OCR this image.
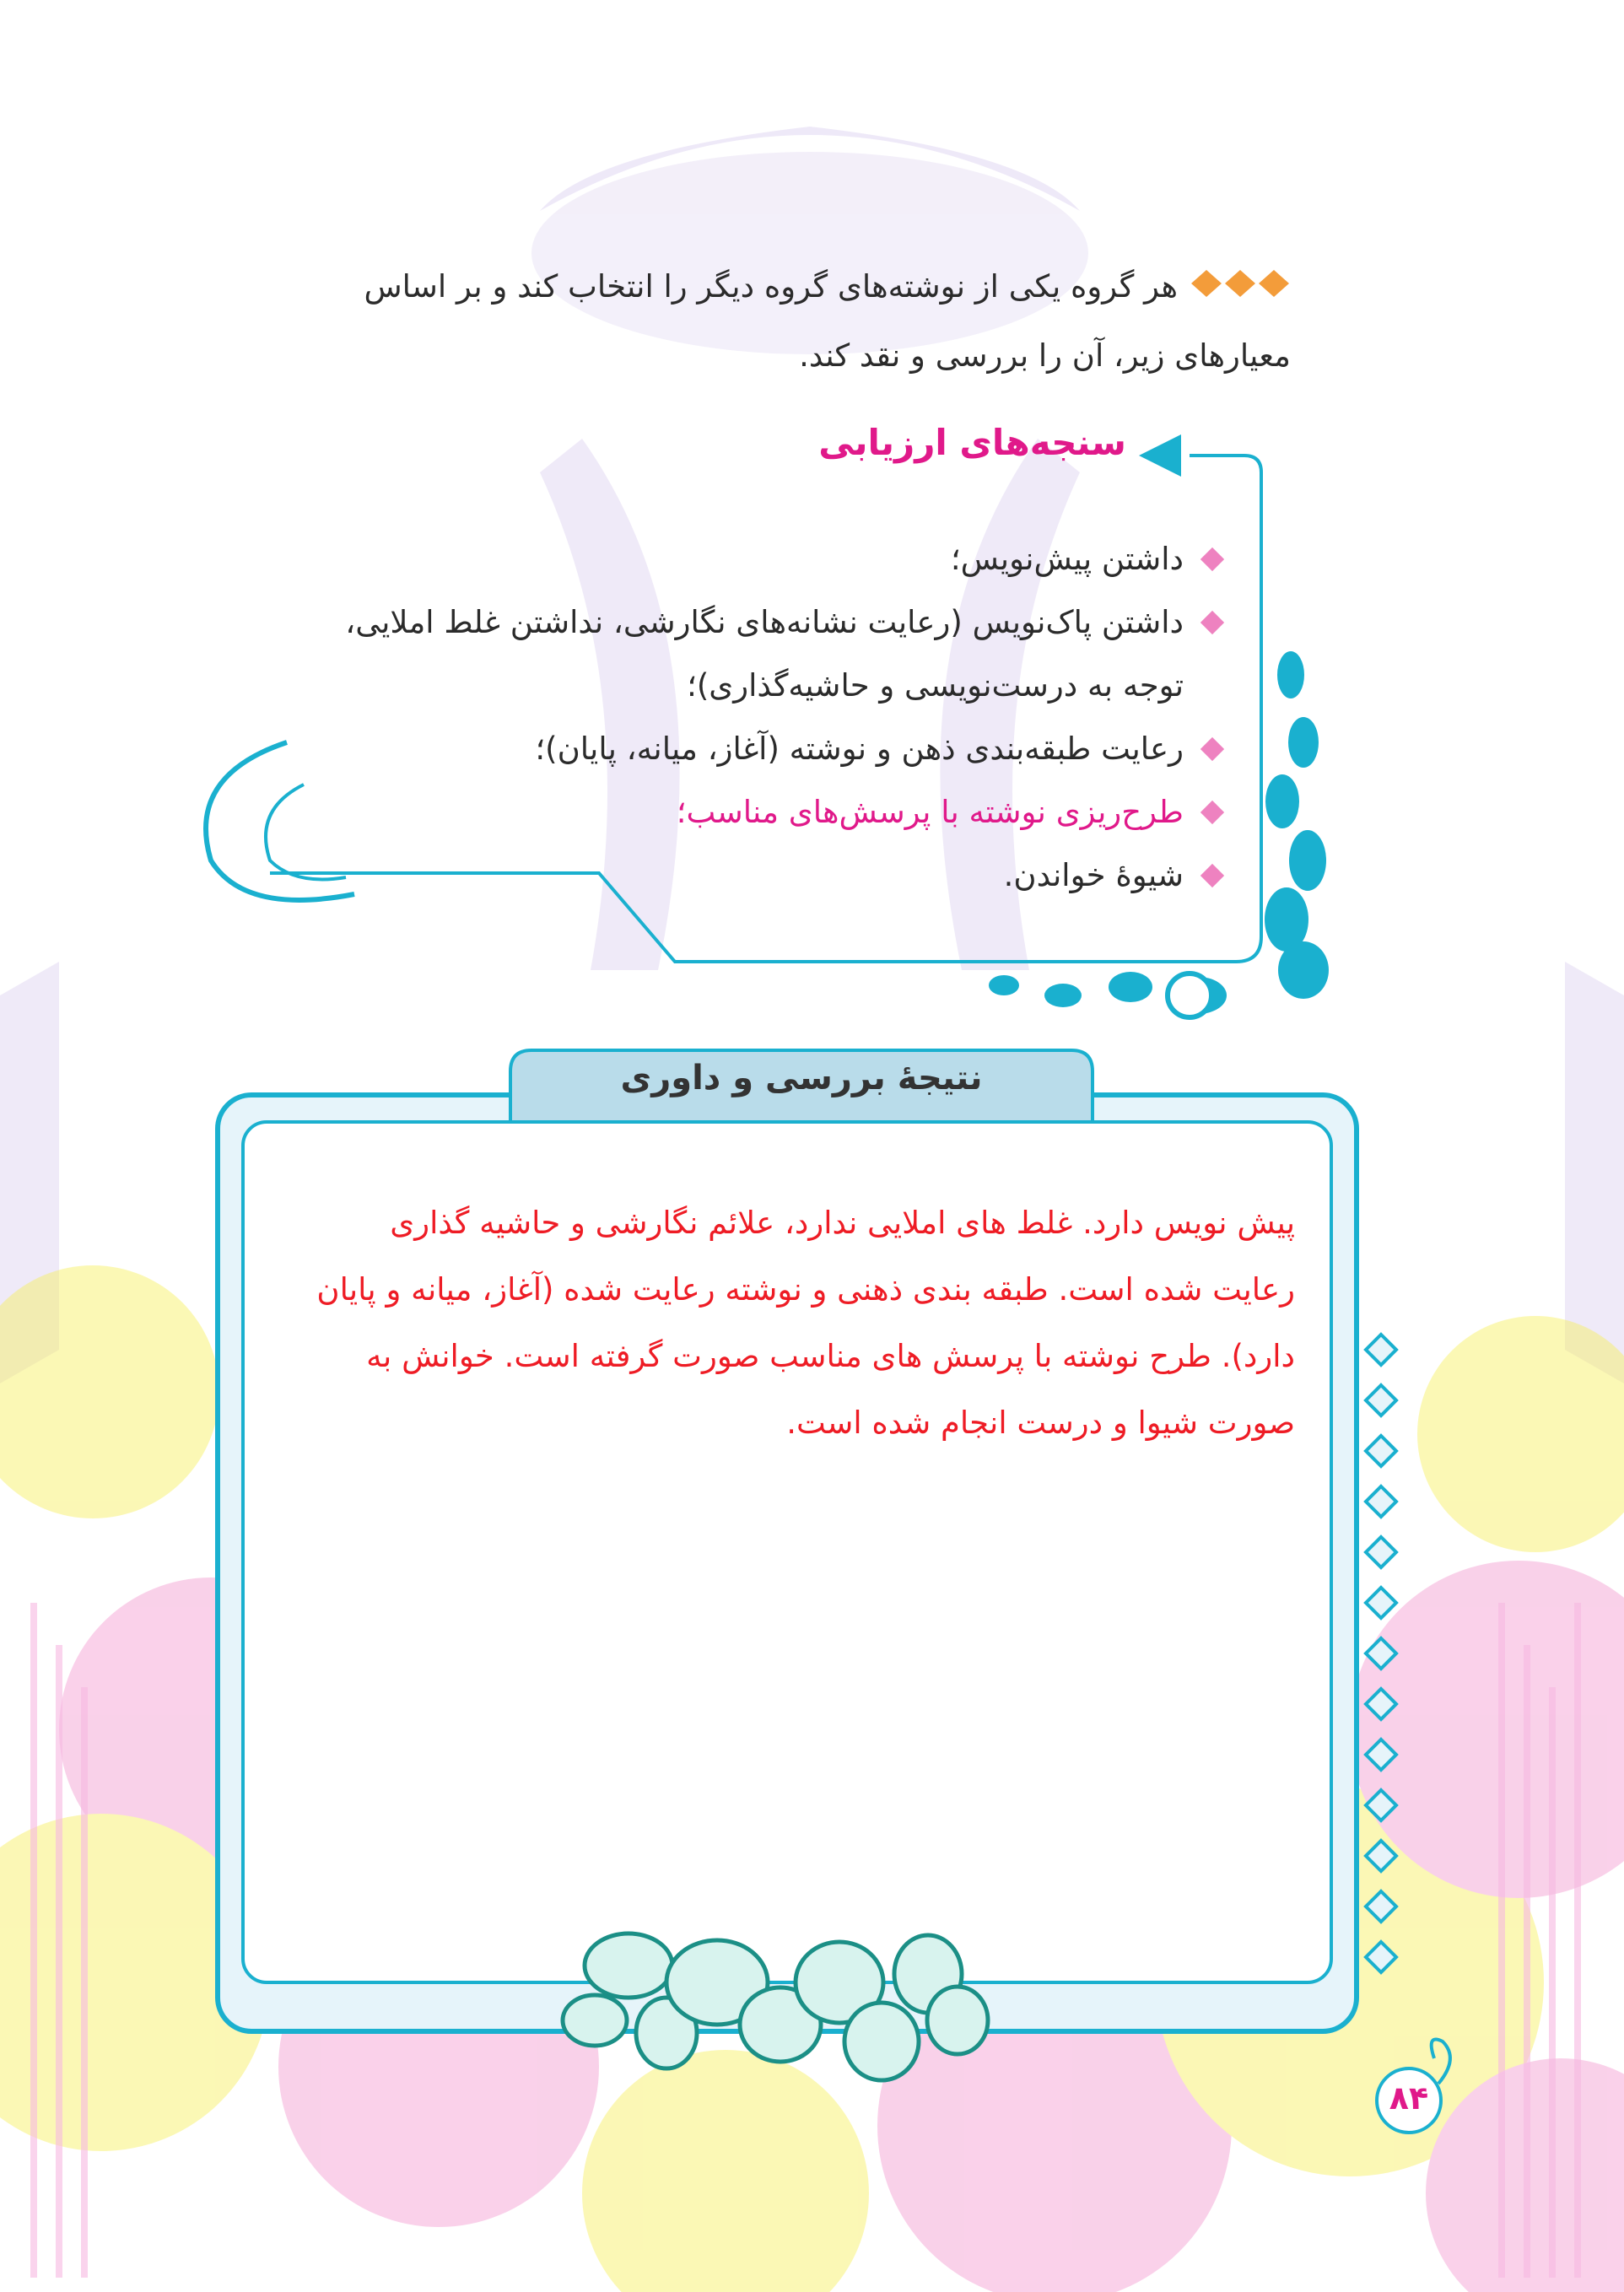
هر گروه یکی از نوشته‌های گروه دیگر را انتخاب کند و بر اساس معیارهای زیر، آن را بررسی و نقد کند.
سنجه‌های ارزیابی
داشتن پیش‌نویس؛
داشتن پاک‌نویس (رعایت نشانه‌های نگارشی، نداشتن غلط املایی، توجه به درست‌نویسی و حاشیه‌گذاری)؛
رعایت طبقه‌بندی ذهن و نوشته (آغاز، میانه، پایان)؛
طرح‌ریزی نوشته با پرسش‌های مناسب؛
شیوهٔ خواندن.
نتیجهٔ بررسی و داوری
پیش نویس دارد. غلط های املایی ندارد، علائم نگارشی و حاشیه گذاری رعایت شده است. طبقه بندی ذهنی و نوشته رعایت شده (آغاز، میانه و پایان دارد). طرح نوشته با پرسش های مناسب صورت گرفته است. خوانش به صورت شیوا و درست انجام شده است.
۸۴
